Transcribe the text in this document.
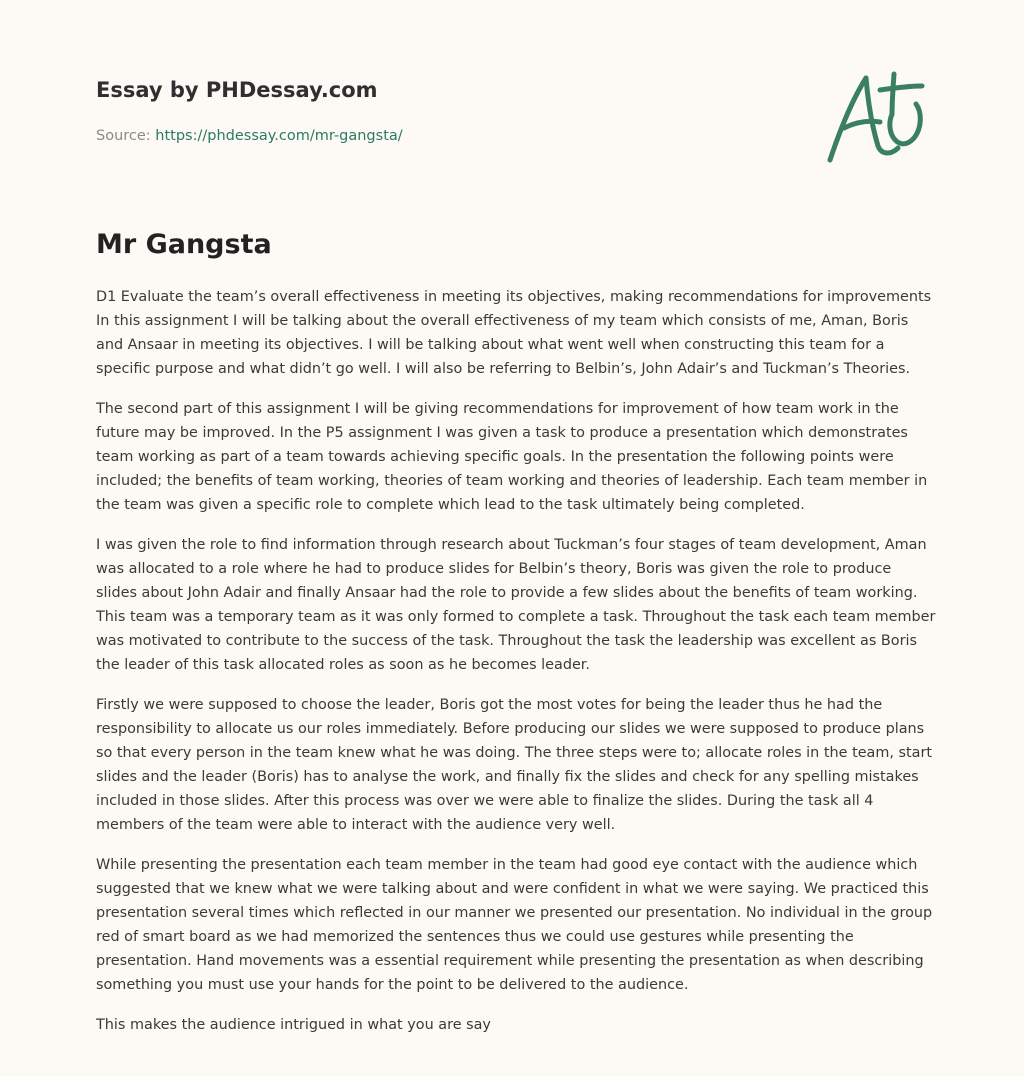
Essay by PHDessay.com
Source: https://phdessay.com/mr-gangsta/
Mr Gangsta

D1 Evaluate the team’s overall effectiveness in meeting its objectives, making recommendations for improvements In this assignment I will be talking about the overall effectiveness of my team which consists of me, Aman, Boris and Ansaar in meeting its objectives. I will be talking about what went well when constructing this team for a specific purpose and what didn’t go well. I will also be referring to Belbin’s, John Adair’s and Tuckman’s Theories.

The second part of this assignment I will be giving recommendations for improvement of how team work in the future may be improved. In the P5 assignment I was given a task to produce a presentation which demonstrates team working as part of a team towards achieving specific goals. In the presentation the following points were included; the benefits of team working, theories of team working and theories of leadership. Each team member in the team was given a specific role to complete which lead to the task ultimately being completed.

I was given the role to find information through research about Tuckman’s four stages of team development, Aman was allocated to a role where he had to produce slides for Belbin’s theory, Boris was given the role to produce slides about John Adair and finally Ansaar had the role to provide a few slides about the benefits of team working. This team was a temporary team as it was only formed to complete a task. Throughout the task each team member was motivated to contribute to the success of the task. Throughout the task the leadership was excellent as Boris the leader of this task allocated roles as soon as he becomes leader.

Firstly we were supposed to choose the leader, Boris got the most votes for being the leader thus he had the responsibility to allocate us our roles immediately. Before producing our slides we were supposed to produce plans so that every person in the team knew what he was doing. The three steps were to; allocate roles in the team, start slides and the leader (Boris) has to analyse the work, and finally fix the slides and check for any spelling mistakes included in those slides. After this process was over we were able to finalize the slides. During the task all 4 members of the team were able to interact with the audience very well.

While presenting the presentation each team member in the team had good eye contact with the audience which suggested that we knew what we were talking about and were confident in what we were saying. We practiced this presentation several times which reflected in our manner we presented our presentation. No individual in the group red of smart board as we had memorized the sentences thus we could use gestures while presenting the presentation. Hand movements was a essential requirement while presenting the presentation as when describing something you must use your hands for the point to be delivered to the audience.

This makes the audience intrigued in what you are say
